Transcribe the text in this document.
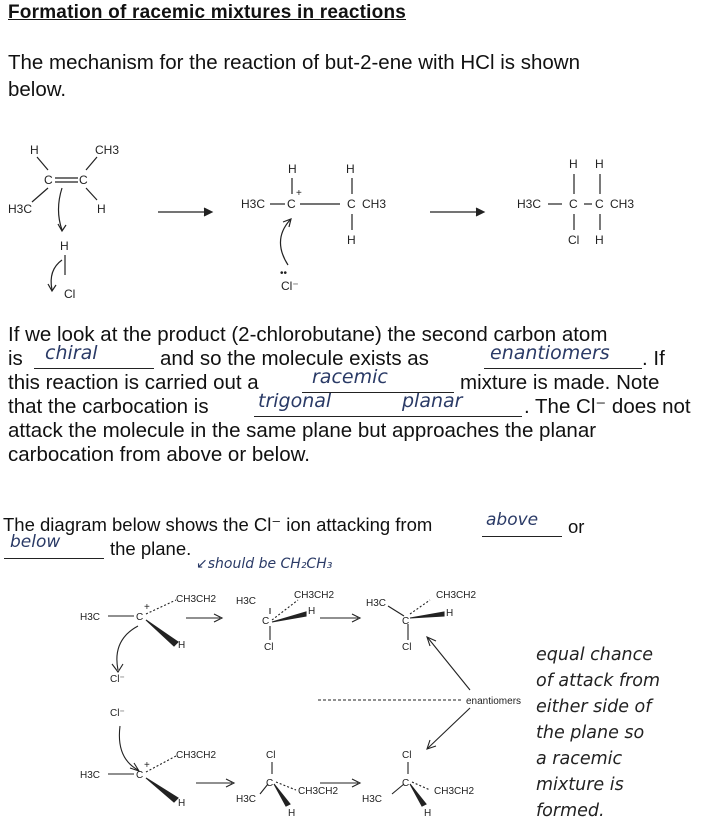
Formation of racemic mixtures in reactions
The mechanism for the reaction of but-2-ene with HCl is shown
below.
H	CH3
C C
H3C	H
H
Cl
H	H
H3C C
+
C CH3
H
••
Cl⁻
H H
H3C C C CH3
Cl H
If we look at the product (2-chlorobutane) the second carbon atom
is chiral	and so the molecule exists as	enantiomers . If
this reaction is carried out a	racemic	mixture is made. Note
that the carbocation is	trigonal	planar	. The Cl⁻ does not
attack the molecule in the same plane but approaches the planar
carbocation from above or below.
The diagram below shows the Cl⁻ ion attacking from	above or
below	the plane.
↙should be CH₂CH₃
H3C	C
+
CH3CH2
H
Cl⁻
H3C
C
CH3CH2
H
Cl
H3C
C
CH3CH2
H
Cl
enantiomers
Cl⁻
H3C	C
+
CH3CH2
H
Cl
C
CH3CH2
H3C
H
Cl
C
CH3CH2
H3C
H
equal chance
of attack from
either side of
the plane so
a racemic
mixture is
formed.
